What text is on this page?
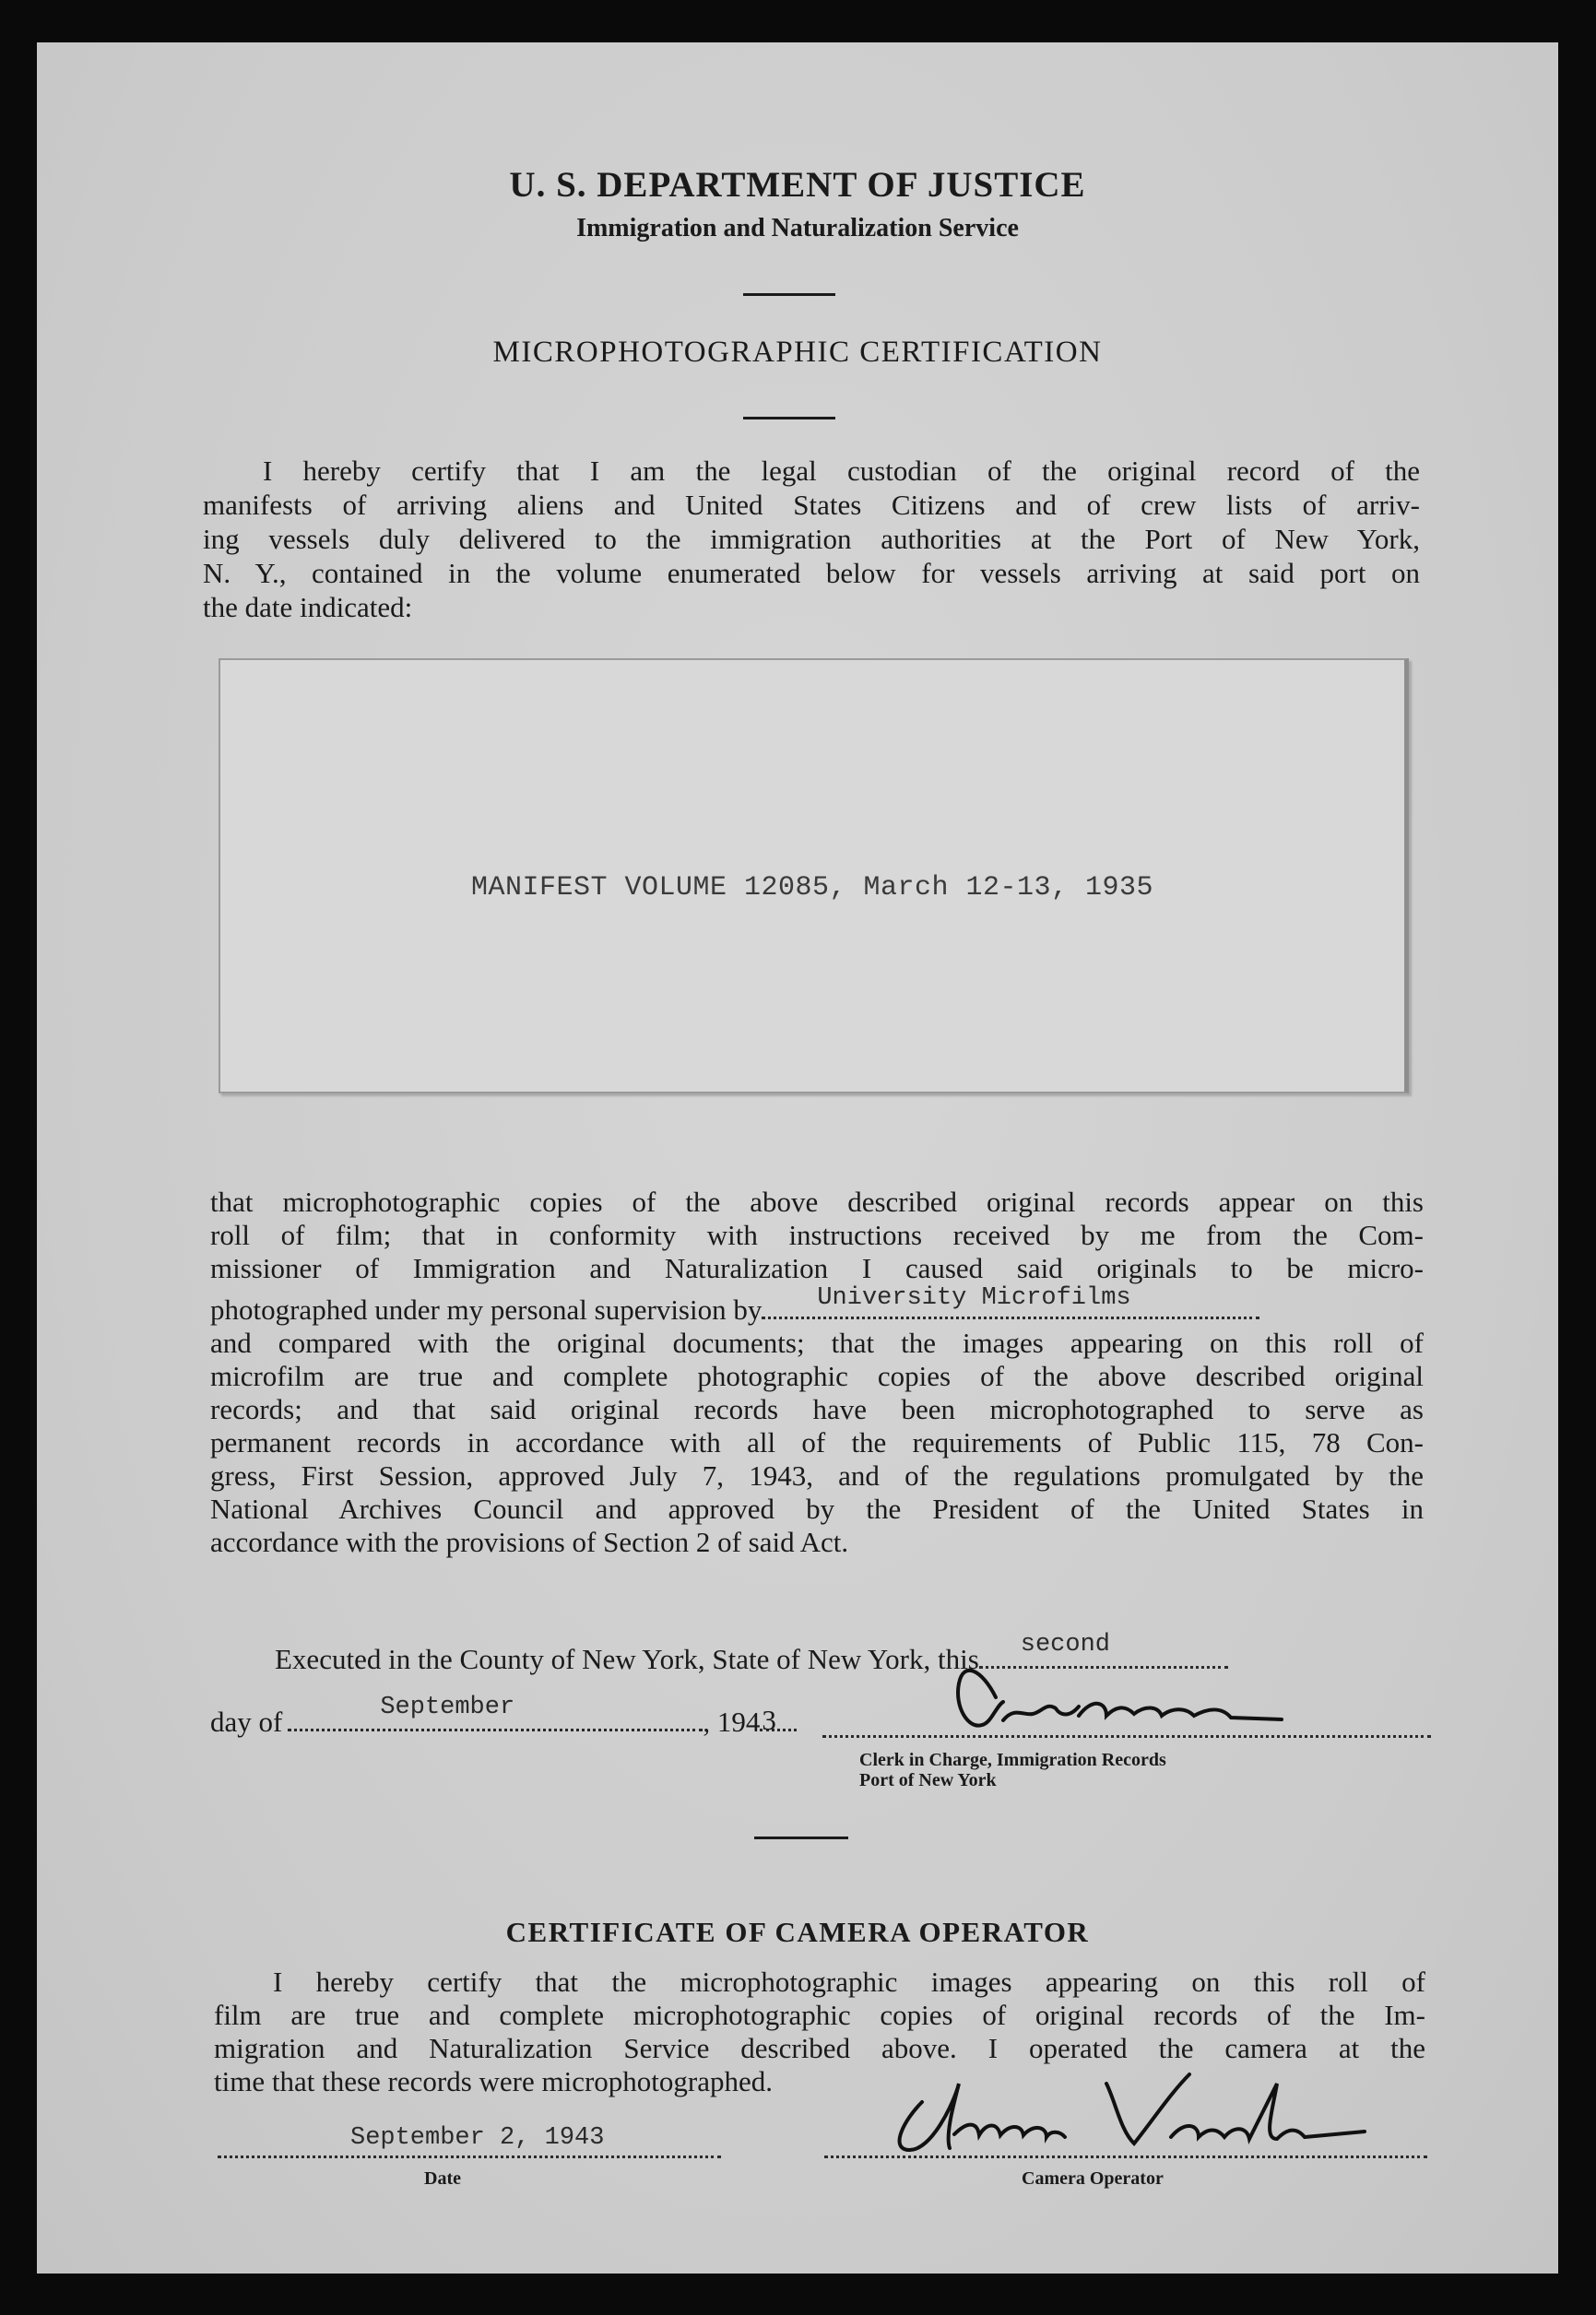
U. S. DEPARTMENT OF JUSTICE
Immigration and Naturalization Service
MICROPHOTOGRAPHIC CERTIFICATION
I hereby certify that I am the legal custodian of the original record of the
manifests of arriving aliens and United States Citizens and of crew lists of arriv-
ing vessels duly delivered to the immigration authorities at the Port of New York,
N. Y., contained in the volume enumerated below for vessels arriving at said port on
the date indicated:
MANIFEST VOLUME 12085, March 12-13, 1935
that microphotographic copies of the above described original records appear on this
roll of film; that in conformity with instructions received by me from the Com-
missioner of Immigration and Naturalization I caused said originals to be micro-
photographed under my personal supervision by University Microfilms
and compared with the original documents; that the images appearing on this roll of
microfilm are true and complete photographic copies of the above described original
records; and that said original records have been microphotographed to serve as
permanent records in accordance with all of the requirements of Public 115, 78 Con-
gress, First Session, approved July 7, 1943, and of the regulations promulgated by the
National Archives Council and approved by the President of the United States in
accordance with the provisions of Section 2 of said Act.
Executed in the County of New York, State of New York, this second
day of	September	, 194 3
Clerk in Charge, Immigration Records
Port of New York
CERTIFICATE OF CAMERA OPERATOR
I hereby certify that the microphotographic images appearing on this roll of
film are true and complete microphotographic copies of original records of the Im-
migration and Naturalization Service described above. I operated the camera at the
time that these records were microphotographed.
September 2, 1943
Date	Camera Operator
